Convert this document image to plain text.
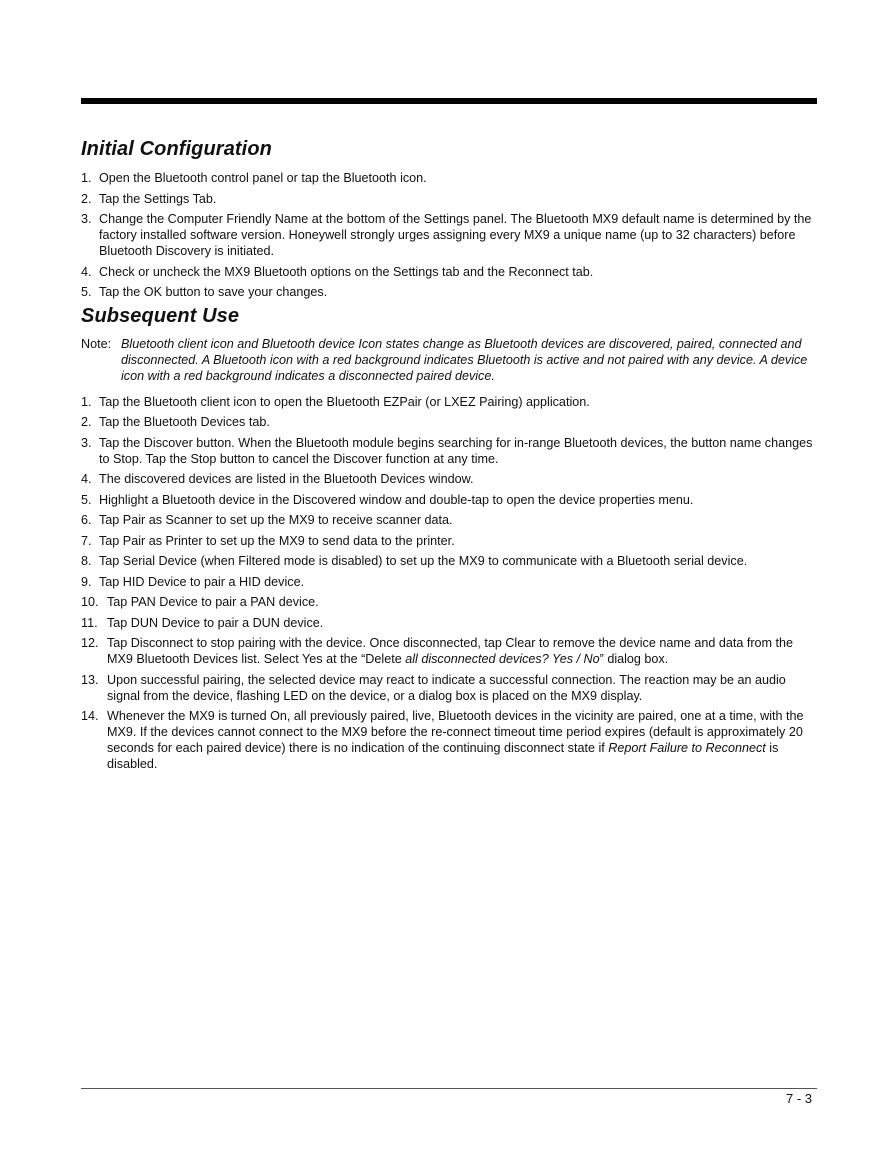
Initial Configuration
1. Open the Bluetooth control panel or tap the Bluetooth icon.
2. Tap the Settings Tab.
3. Change the Computer Friendly Name at the bottom of the Settings panel. The Bluetooth MX9 default name is determined by the factory installed software version. Honeywell strongly urges assigning every MX9 a unique name (up to 32 characters) before Bluetooth Discovery is initiated.
4. Check or uncheck the MX9 Bluetooth options on the Settings tab and the Reconnect tab.
5. Tap the OK button to save your changes.
Subsequent Use
Note: Bluetooth client icon and Bluetooth device Icon states change as Bluetooth devices are discovered, paired, connected and disconnected. A Bluetooth icon with a red background indicates Bluetooth is active and not paired with any device. A device icon with a red background indicates a disconnected paired device.
1. Tap the Bluetooth client icon to open the Bluetooth EZPair (or LXEZ Pairing) application.
2. Tap the Bluetooth Devices tab.
3. Tap the Discover button. When the Bluetooth module begins searching for in-range Bluetooth devices, the button name changes to Stop. Tap the Stop button to cancel the Discover function at any time.
4. The discovered devices are listed in the Bluetooth Devices window.
5. Highlight a Bluetooth device in the Discovered window and double-tap to open the device properties menu.
6. Tap Pair as Scanner to set up the MX9 to receive scanner data.
7. Tap Pair as Printer to set up the MX9 to send data to the printer.
8. Tap Serial Device (when Filtered mode is disabled) to set up the MX9 to communicate with a Bluetooth serial device.
9. Tap HID Device to pair a HID device.
10. Tap PAN Device to pair a PAN device.
11. Tap DUN Device to pair a DUN device.
12. Tap Disconnect to stop pairing with the device. Once disconnected, tap Clear to remove the device name and data from the MX9 Bluetooth Devices list. Select Yes at the “Delete all disconnected devices? Yes / No” dialog box.
13. Upon successful pairing, the selected device may react to indicate a successful connection. The reaction may be an audio signal from the device, flashing LED on the device, or a dialog box is placed on the MX9 display.
14. Whenever the MX9 is turned On, all previously paired, live, Bluetooth devices in the vicinity are paired, one at a time, with the MX9. If the devices cannot connect to the MX9 before the re-connect timeout time period expires (default is approximately 20 seconds for each paired device) there is no indication of the continuing disconnect state if Report Failure to Reconnect is disabled.
7 - 3
